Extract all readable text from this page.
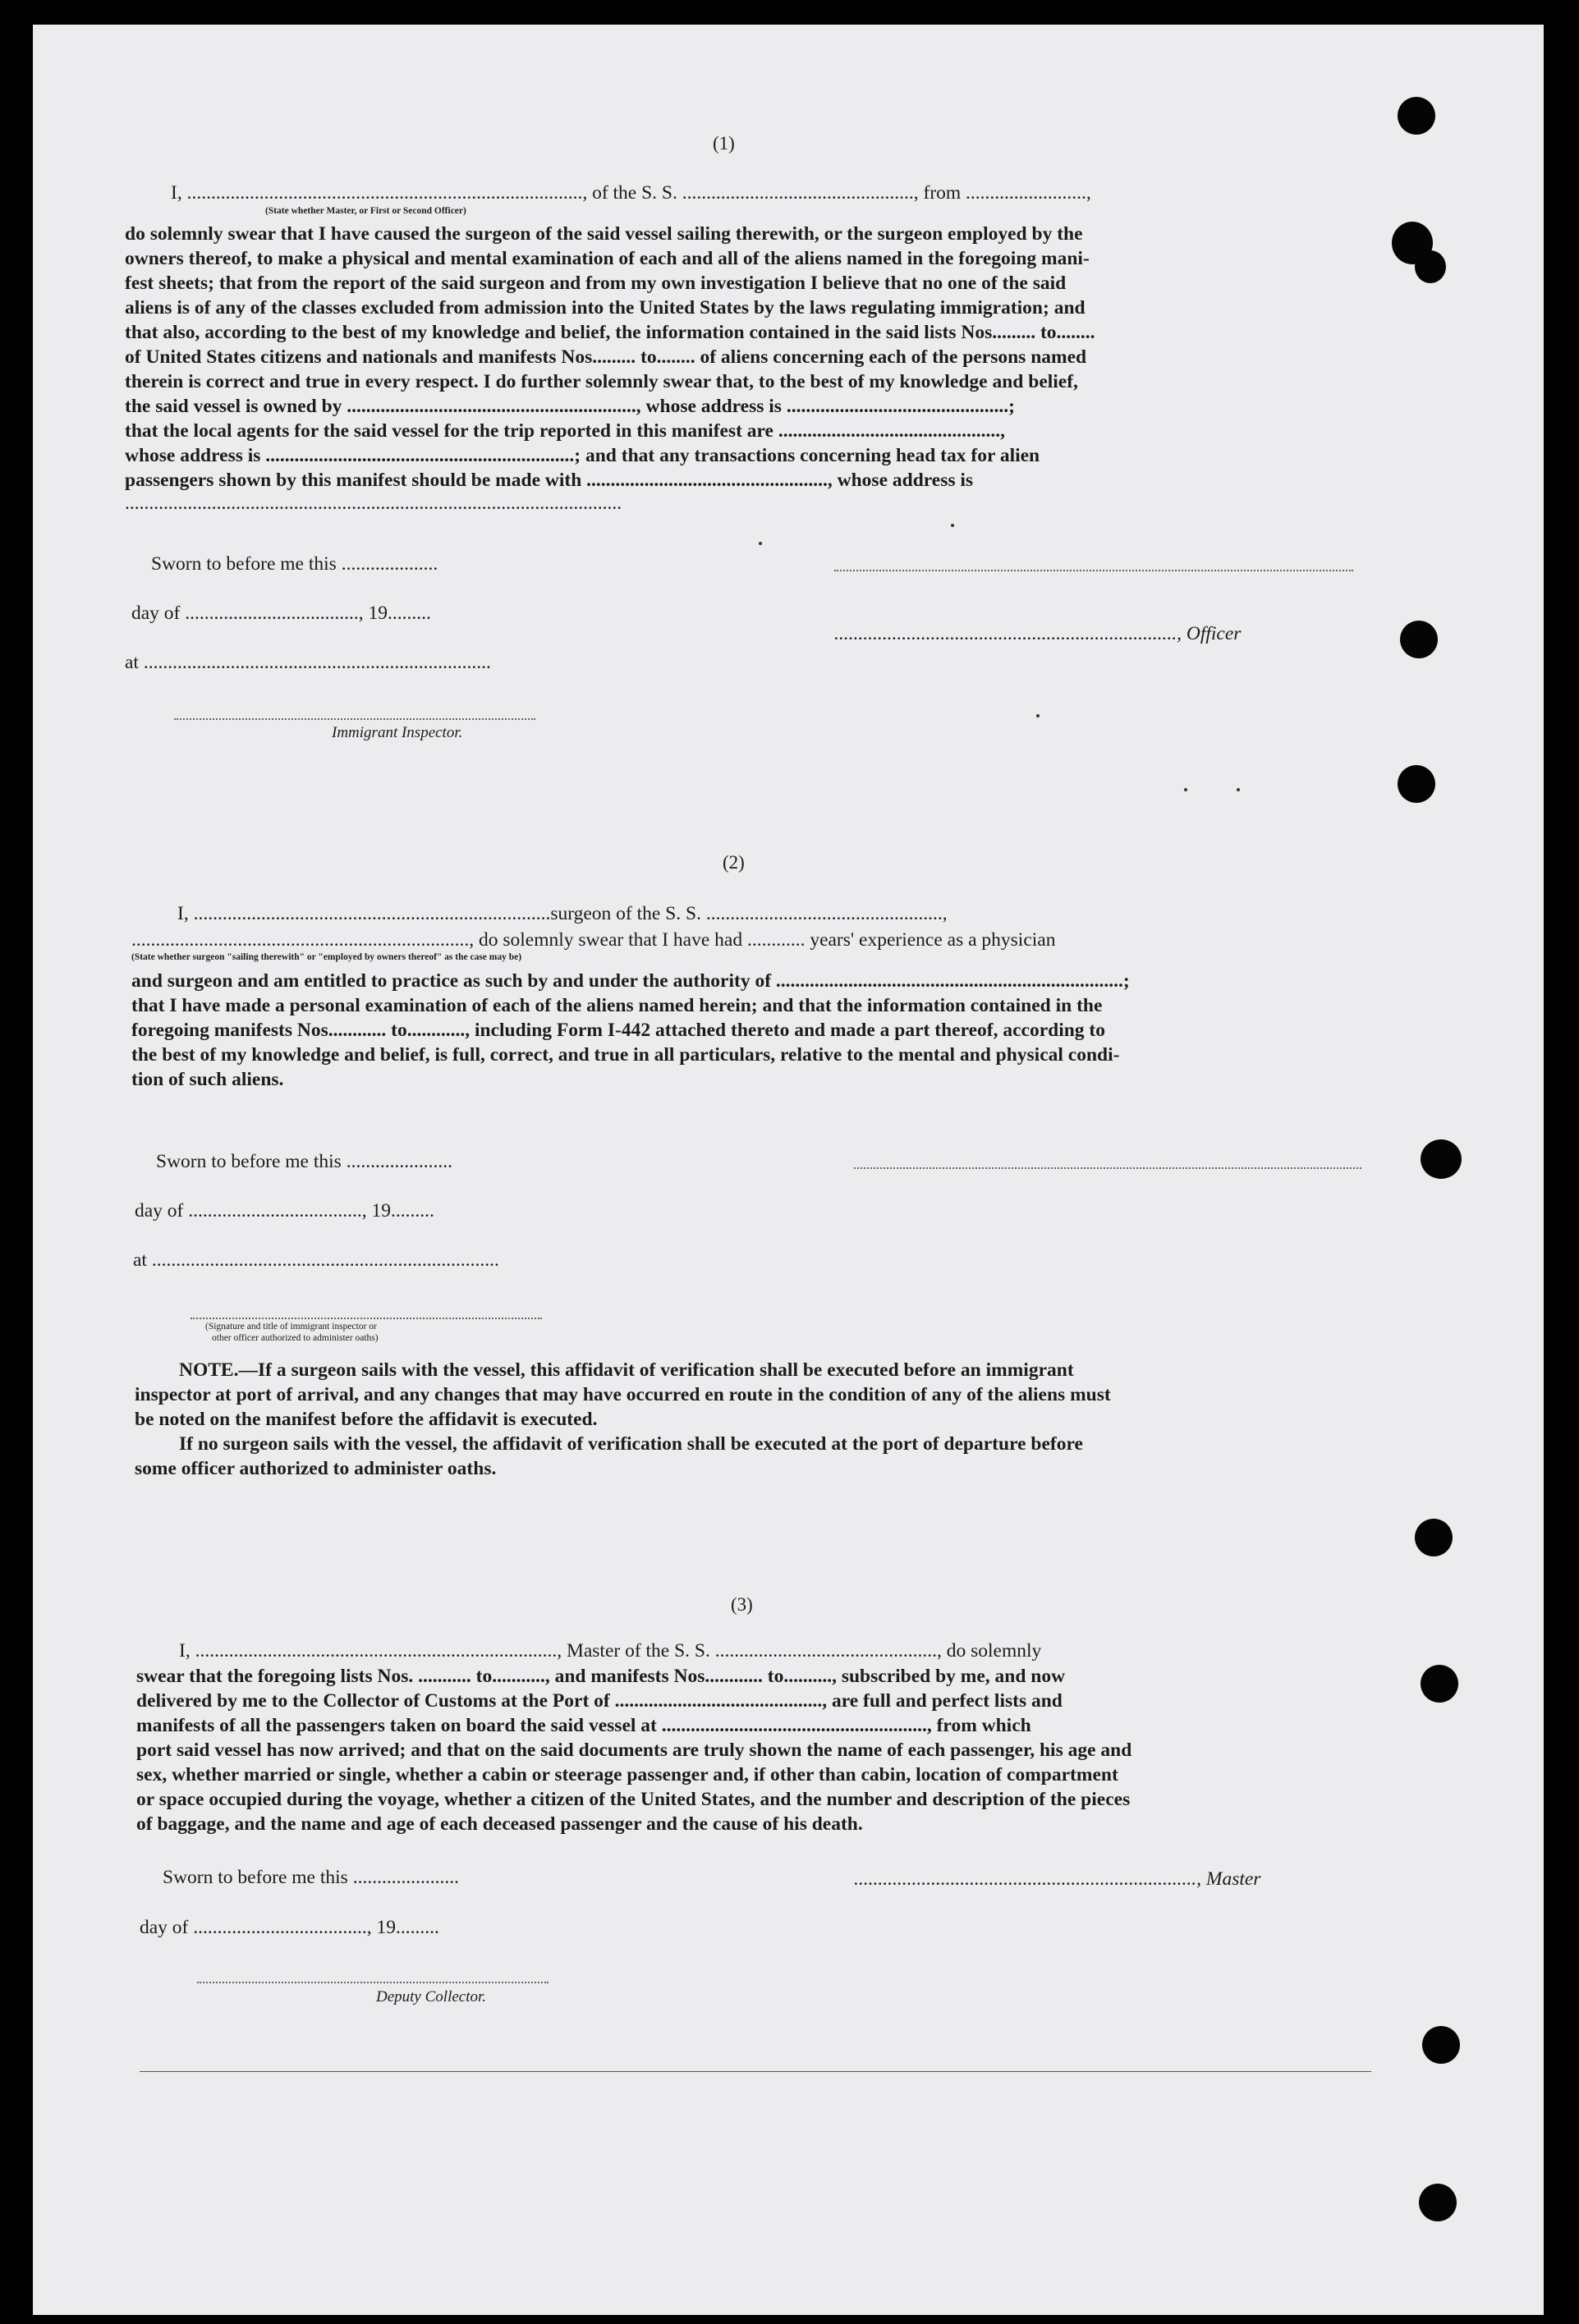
(1)
I, .................................................................................., of the S. S. ................................................, from .........................,
(State whether Master, or First or Second Officer)
do solemnly swear that I have caused the surgeon of the said vessel sailing therewith, or the surgeon employed by the
owners thereof, to make a physical and mental examination of each and all of the aliens named in the foregoing mani-
fest sheets; that from the report of the said surgeon and from my own investigation I believe that no one of the said
aliens is of any of the classes excluded from admission into the United States by the laws regulating immigration; and
that also, according to the best of my knowledge and belief, the information contained in the said lists Nos......... to........
of United States citizens and nationals and manifests Nos......... to........ of aliens concerning each of the persons named
therein is correct and true in every respect. I do further solemnly swear that, to the best of my knowledge and belief,
the said vessel is owned by ............................................................, whose address is ..............................................;
that the local agents for the said vessel for the trip reported in this manifest are ..............................................,
whose address is ................................................................; and that any transactions concerning head tax for alien
passengers shown by this manifest should be made with .................................................., whose address is
.......................................................................................................
Sworn to before me this ....................
day of ...................................., 19.........
at ........................................................................
Immigrant Inspector.
......................................................................., Officer
(2)
I, ..........................................................................surgeon of the S. S. .................................................,
......................................................................, do solemnly swear that I have had ............ years' experience as a physician
(State whether surgeon "sailing therewith" or "employed by owners thereof" as the case may be)
and surgeon and am entitled to practice as such by and under the authority of ........................................................................;
that I have made a personal examination of each of the aliens named herein; and that the information contained in the
foregoing manifests Nos............ to............, including Form I-442 attached thereto and made a part thereof, according to
the best of my knowledge and belief, is full, correct, and true in all particulars, relative to the mental and physical condi-
tion of such aliens.
Sworn to before me this ......................
day of ...................................., 19.........
at ........................................................................
(Signature and title of immigrant inspector or
other officer authorized to administer oaths)
NOTE.—If a surgeon sails with the vessel, this affidavit of verification shall be executed before an immigrant
inspector at port of arrival, and any changes that may have occurred en route in the condition of any of the aliens must
be noted on the manifest before the affidavit is executed.
If no surgeon sails with the vessel, the affidavit of verification shall be executed at the port of departure before
some officer authorized to administer oaths.
(3)
I, ..........................................................................., Master of the S. S. .............................................., do solemnly
swear that the foregoing lists Nos. ........... to..........., and manifests Nos............ to.........., subscribed by me, and now
delivered by me to the Collector of Customs at the Port of ..........................................., are full and perfect lists and
manifests of all the passengers taken on board the said vessel at ......................................................., from which
port said vessel has now arrived; and that on the said documents are truly shown the name of each passenger, his age and
sex, whether married or single, whether a cabin or steerage passenger and, if other than cabin, location of compartment
or space occupied during the voyage, whether a citizen of the United States, and the number and description of the pieces
of baggage, and the name and age of each deceased passenger and the cause of his death.
Sworn to before me this ......................
day of ...................................., 19.........
Deputy Collector.
......................................................................., Master
